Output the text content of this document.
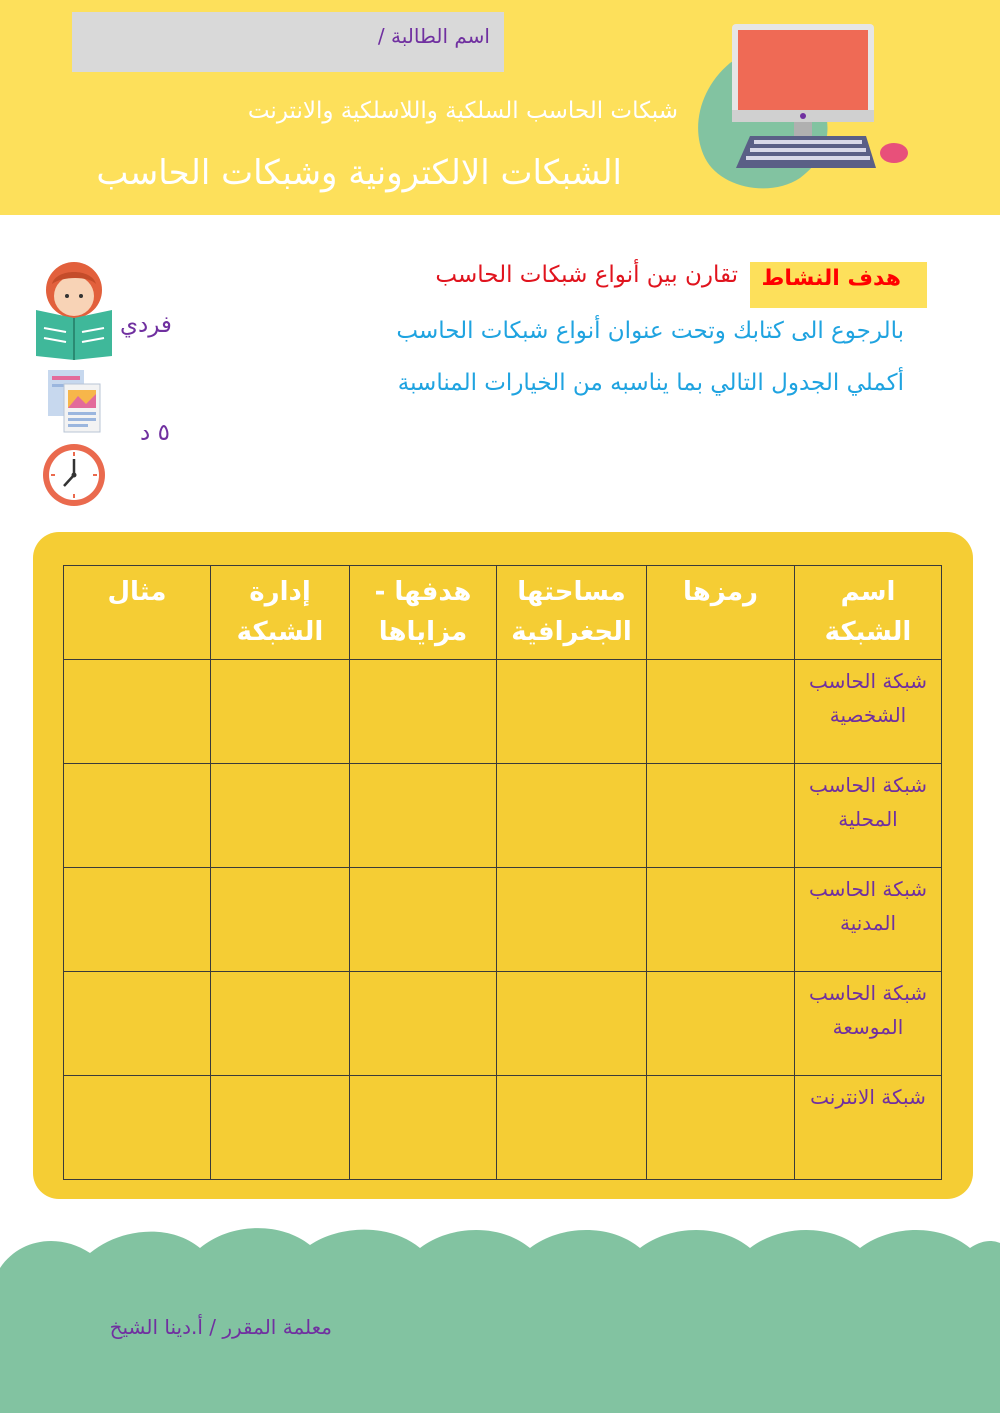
اسم الطالبة /
شبكات الحاسب السلكية واللاسلكية والانترنت
الشبكات الالكترونية وشبكات الحاسب
هدف النشاط
تقارن بين أنواع شبكات الحاسب
بالرجوع الى كتابك وتحت عنوان أنواع شبكات الحاسب
أكملي الجدول التالي بما يناسبه من الخيارات المناسبة
فردي
٥ د
اسم الشبكة	رمزها	مساحتها الجغرافية	هدفها - مزاياها	إدارة الشبكة	مثال
شبكة الحاسب الشخصية					
شبكة الحاسب المحلية					
شبكة الحاسب المدنية					
شبكة الحاسب الموسعة					
شبكة الانترنت					
معلمة المقرر / أ.دينا الشيخ
